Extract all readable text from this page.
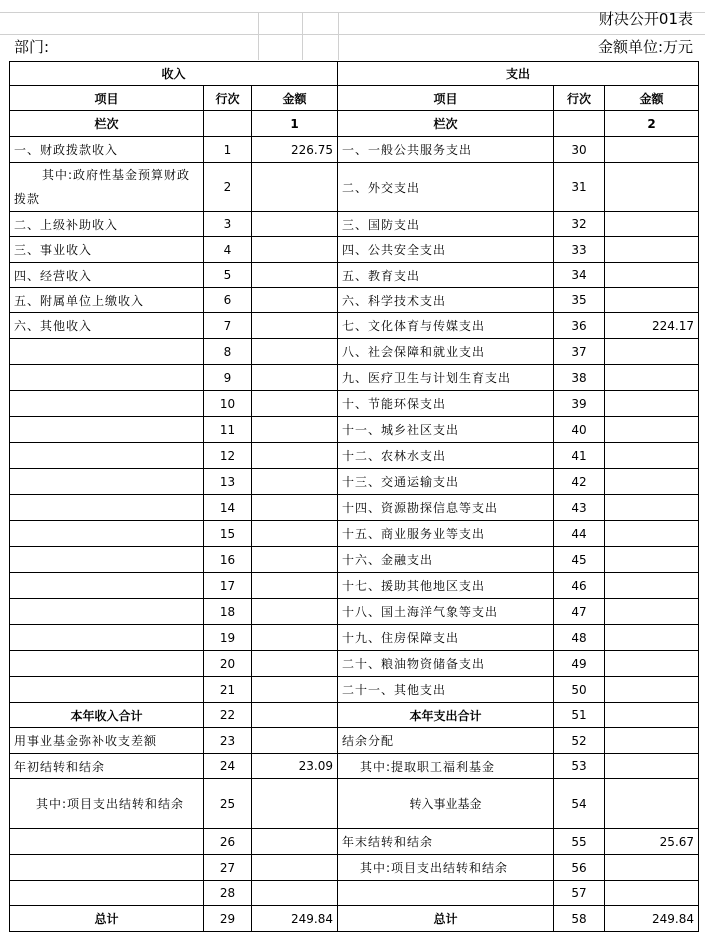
财决公开01表
部门:	金额单位:万元
收入			支出		
项目	行次	金额	项目	行次	金额
栏次		1	栏次		2
一、财政拨款收入	1	226.75	一、一般公共服务支出	30	
其中:政府性基金预算财政拨款	2		二、外交支出	31	
二、上级补助收入	3		三、国防支出	32	
三、事业收入	4		四、公共安全支出	33	
四、经营收入	5		五、教育支出	34	
五、附属单位上缴收入	6		六、科学技术支出	35	
六、其他收入	7		七、文化体育与传媒支出	36	224.17
	8		八、社会保障和就业支出	37	
	9		九、医疗卫生与计划生育支出	38	
	10		十、节能环保支出	39	
	11		十一、城乡社区支出	40	
	12		十二、农林水支出	41	
	13		十三、交通运输支出	42	
	14		十四、资源勘探信息等支出	43	
	15		十五、商业服务业等支出	44	
	16		十六、金融支出	45	
	17		十七、援助其他地区支出	46	
	18		十八、国土海洋气象等支出	47	
	19		十九、住房保障支出	48	
	20		二十、粮油物资储备支出	49	
	21		二十一、其他支出	50	
本年收入合计	22		本年支出合计	51	
用事业基金弥补收支差额	23		结余分配	52	
年初结转和结余	24	23.09	其中:提取职工福利基金	53	
其中:项目支出结转和结余	25		转入事业基金	54	
	26		年末结转和结余	55	25.67
	27		其中:项目支出结转和结余	56	
	28			57	
总计	29	249.84	总计	58	249.84
